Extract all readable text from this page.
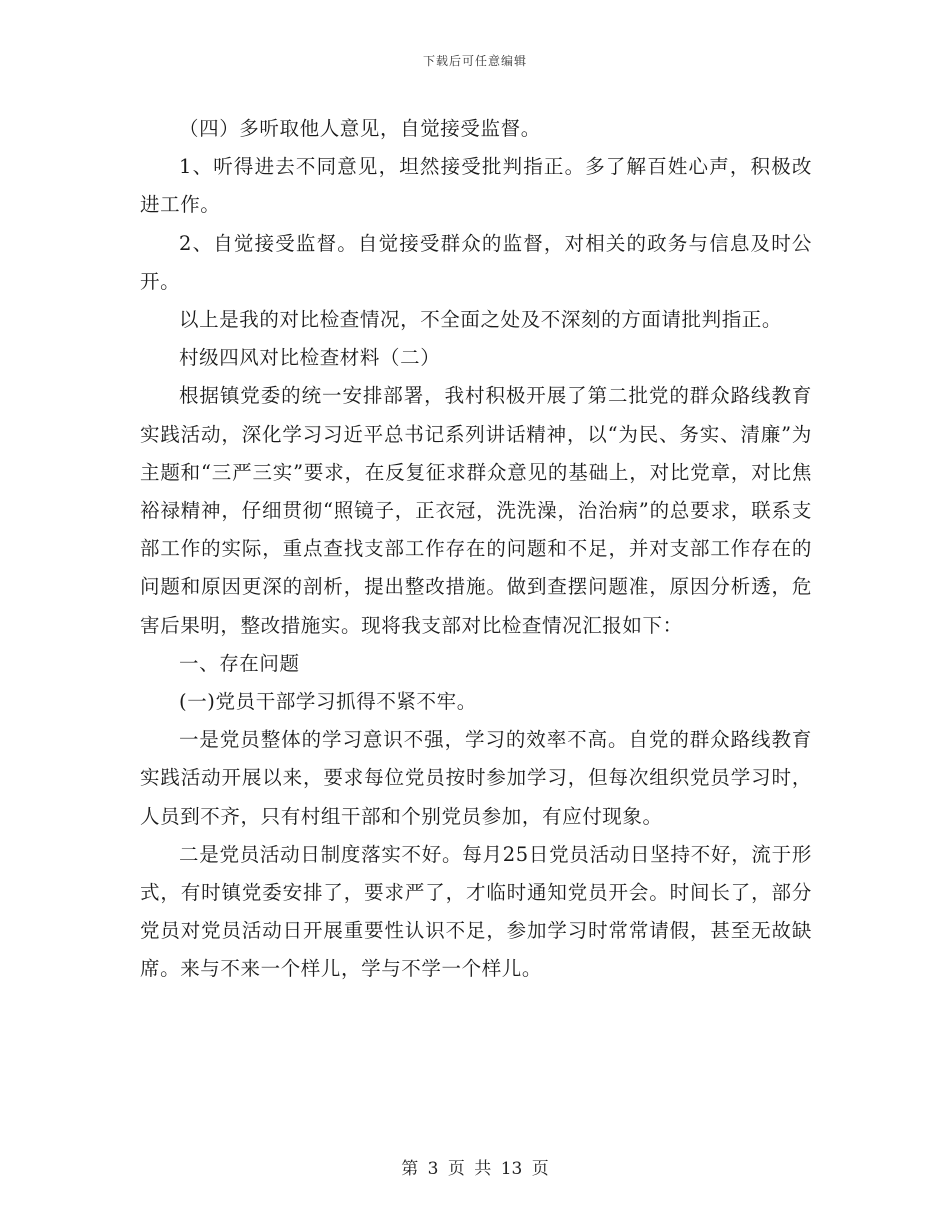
下载后可任意编辑

（四）多听取他人意见，自觉接受监督。

1、听得进去不同意见，坦然接受批判指正。多了解百姓心声，积极改进工作。

2、自觉接受监督。自觉接受群众的监督，对相关的政务与信息及时公开。

以上是我的对比检查情况，不全面之处及不深刻的方面请批判指正。

村级四风对比检查材料（二）

根据镇党委的统一安排部署，我村积极开展了第二批党的群众路线教育实践活动，深化学习习近平总书记系列讲话精神，以“为民、务实、清廉”为主题和“三严三实”要求，在反复征求群众意见的基础上，对比党章，对比焦裕禄精神，仔细贯彻“照镜子，正衣冠，洗洗澡，治治病”的总要求，联系支部工作的实际，重点查找支部工作存在的问题和不足，并对支部工作存在的问题和原因更深的剖析，提出整改措施。做到查摆问题准，原因分析透，危害后果明，整改措施实。现将我支部对比检查情况汇报如下：

一、存在问题

(一)党员干部学习抓得不紧不牢。

一是党员整体的学习意识不强，学习的效率不高。自党的群众路线教育实践活动开展以来，要求每位党员按时参加学习，但每次组织党员学习时，人员到不齐，只有村组干部和个别党员参加，有应付现象。

二是党员活动日制度落实不好。每月25日党员活动日坚持不好，流于形式，有时镇党委安排了，要求严了，才临时通知党员开会。时间长了，部分党员对党员活动日开展重要性认识不足，参加学习时常常请假，甚至无故缺席。来与不来一个样儿，学与不学一个样儿。

第 3 页 共 13 页
